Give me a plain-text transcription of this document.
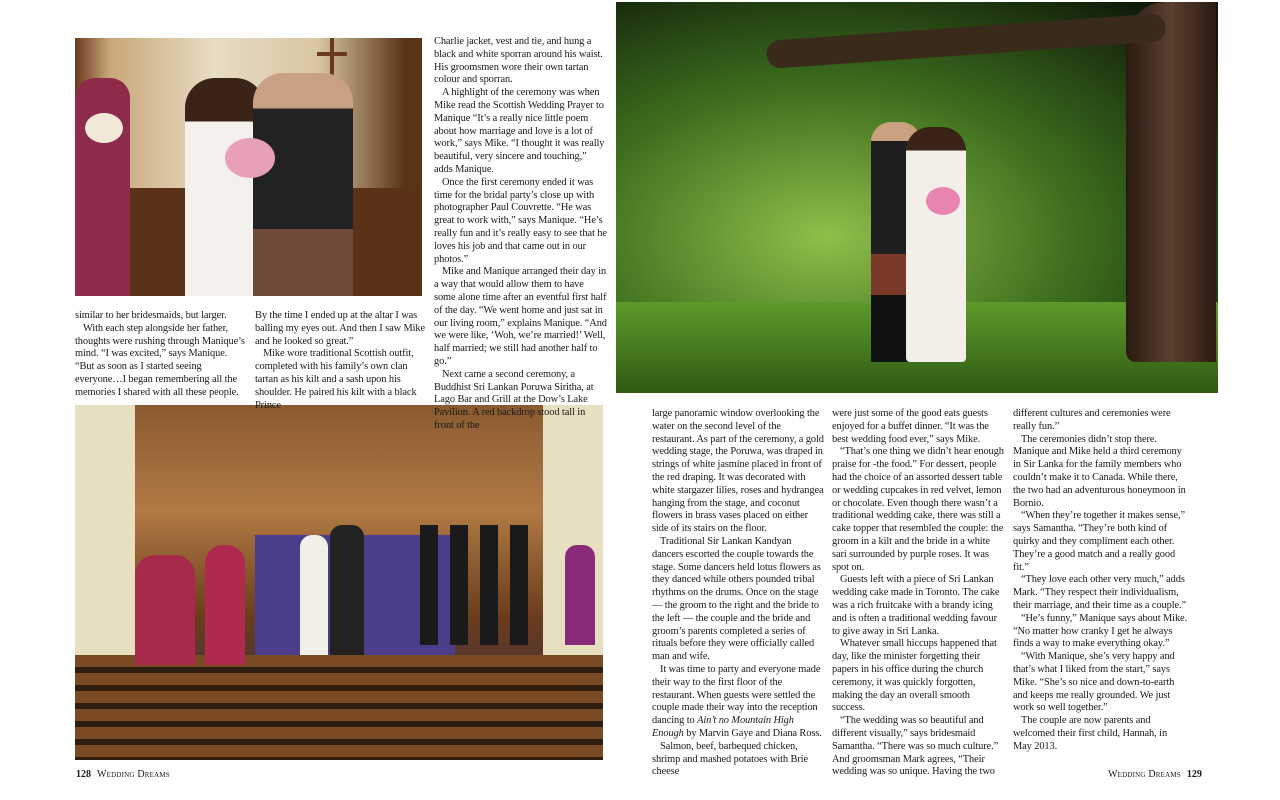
similar to her bridesmaids, but larger.

With each step alongside her father, thoughts were rushing through Manique’s mind. “I was excited,” says Manique. “But as soon as I started seeing everyone…I began remembering all the memories I shared with all these people.

By the time I ended up at the altar I was balling my eyes out. And then I saw Mike and he looked so great.”

Mike wore traditional Scottish outfit, completed with his family’s own clan tartan as his kilt and a sash upon his shoulder. He paired his kilt with a black Prince

Charlie jacket, vest and tie, and hung a black and white sporran around his waist. His groomsmen wore their own tartan colour and sporran.

A highlight of the ceremony was when Mike read the Scottish Wedding Prayer to Manique “It’s a really nice little poem about how marriage and love is a lot of work,” says Mike. “I thought it was really beautiful, very sincere and touching,” adds Manique.

Once the first ceremony ended it was time for the bridal party’s close up with photographer Paul Couvrette. “He was great to work with,” says Manique. “He’s really fun and it’s really easy to see that he loves his job and that came out in our photos.”

Mike and Manique arranged their day in a way that would allow them to have some alone time after an eventful first half of the day. “We went home and just sat in our living room,” explains Manique. “And we were like, ‘Woh, we’re married!’ Well, half married; we still had another half to go.”

Next came a second ceremony, a Buddhist Sri Lankan Poruwa Siritha, at Lago Bar and Grill at the Dow’s Lake Pavilion. A red backdrop stood tall in front of the

large panoramic window overlooking the water on the second level of the restaurant. As part of the ceremony, a gold wedding stage, the Poruwa, was draped in strings of white jasmine placed in front of the red draping. It was decorated with white stargazer lilies, roses and hydrangea hanging from the stage, and coconut flowers in brass vases placed on either side of its stairs on the floor.

Traditional Sir Lankan Kandyan dancers escorted the couple towards the stage. Some dancers held lotus flowers as they danced while others pounded tribal rhythms on the drums. Once on the stage — the groom to the right and the bride to the left — the couple and the bride and groom’s parents completed a series of rituals before they were officially called man and wife.

It was time to party and everyone made their way to the first floor of the restaurant. When guests were settled the couple made their way into the reception dancing to Ain’t no Mountain High Enough by Marvin Gaye and Diana Ross.

Salmon, beef, barbequed chicken, shrimp and mashed potatoes with Brie cheese

were just some of the good eats guests enjoyed for a buffet dinner. “It was the best wedding food ever,” says Mike.

“That’s one thing we didn’t hear enough praise for -the food.” For dessert, people had the choice of an assorted dessert table or wedding cupcakes in red velvet, lemon or chocolate. Even though there wasn’t a traditional wedding cake, there was still a cake topper that resembled the couple: the groom in a kilt and the bride in a white sari surrounded by purple roses. It was spot on.

Guests left with a piece of Sri Lankan wedding cake made in Toronto. The cake was a rich fruitcake with a brandy icing and is often a traditional wedding favour to give away in Sri Lanka.

Whatever small hiccups happened that day, like the minister forgetting their papers in his office during the church ceremony, it was quickly forgotten, making the day an overall smooth success.

“The wedding was so beautiful and different visually,” says bridesmaid Samantha. “There was so much culture.” And groomsman Mark agrees, “Their wedding was so unique. Having the two

different cultures and ceremonies were really fun.”

The ceremonies didn’t stop there. Manique and Mike held a third ceremony in Sir Lanka for the family members who couldn’t make it to Canada. While there, the two had an adventurous honeymoon in Bornio.

“When they’re together it makes sense,” says Samantha. “They’re both kind of quirky and they compliment each other. They’re a good match and a really good fit.”

“They love each other very much,” adds Mark. “They respect their individualism, their marriage, and their time as a couple.”

“He’s funny,” Manique says about Mike. “No matter how cranky I get he always finds a way to make everything okay.”

“With Manique, she’s very happy and that’s what I liked from the start,” says Mike. “She’s so nice and down-to-earth and keeps me really grounded. We just work so well together.”

The couple are now parents and welcomed their first child, Hannah, in May 2013.

128 Wedding Dreams	Wedding Dreams 129
